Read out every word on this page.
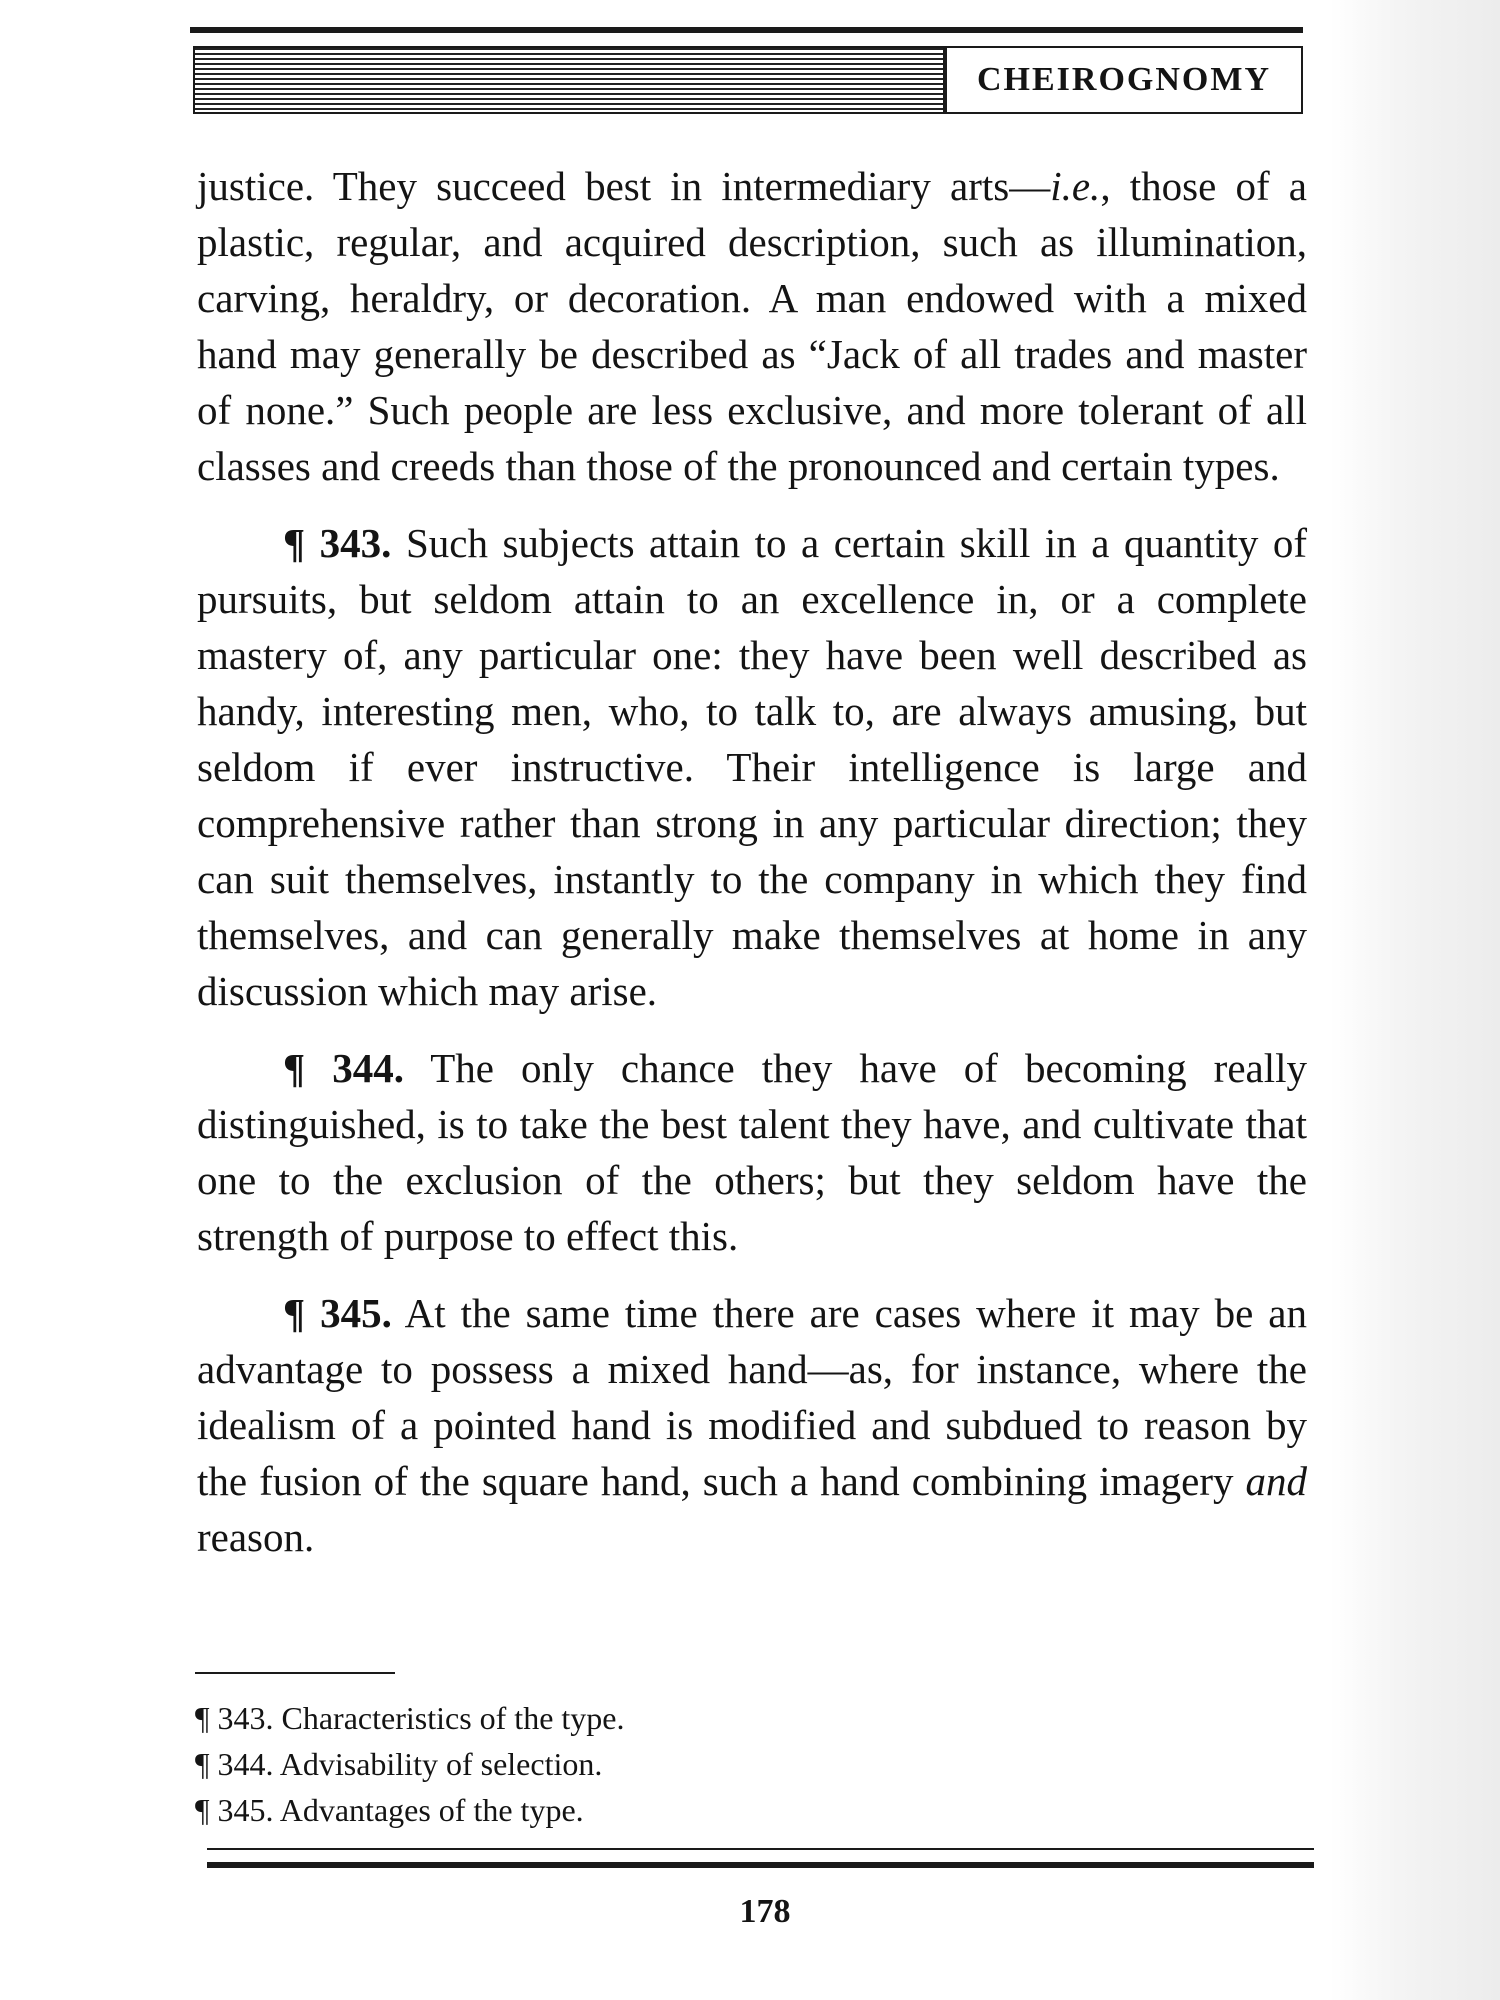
CHEIROGNOMY

justice. They succeed best in intermediary arts—i.e., those of a plastic, regular, and acquired description, such as illumination, carving, heraldry, or decoration. A man endowed with a mixed hand may generally be described as “Jack of all trades and master of none.” Such people are less exclusive, and more tolerant of all classes and creeds than those of the pronounced and certain types.

¶ 343. Such subjects attain to a certain skill in a quantity of pursuits, but seldom attain to an excellence in, or a complete mastery of, any particular one: they have been well described as handy, interesting men, who, to talk to, are always amusing, but seldom if ever instructive. Their intelligence is large and comprehensive rather than strong in any particular direction; they can suit themselves, instantly to the company in which they find themselves, and can generally make themselves at home in any discussion which may arise.

¶ 344. The only chance they have of becoming really distinguished, is to take the best talent they have, and cultivate that one to the exclusion of the others; but they seldom have the strength of purpose to effect this.

¶ 345. At the same time there are cases where it may be an advantage to possess a mixed hand—as, for instance, where the idealism of a pointed hand is modified and subdued to reason by the fusion of the square hand, such a hand combining imagery and reason.

¶ 343. Characteristics of the type.

¶ 344. Advisability of selection.

¶ 345. Advantages of the type.

178
